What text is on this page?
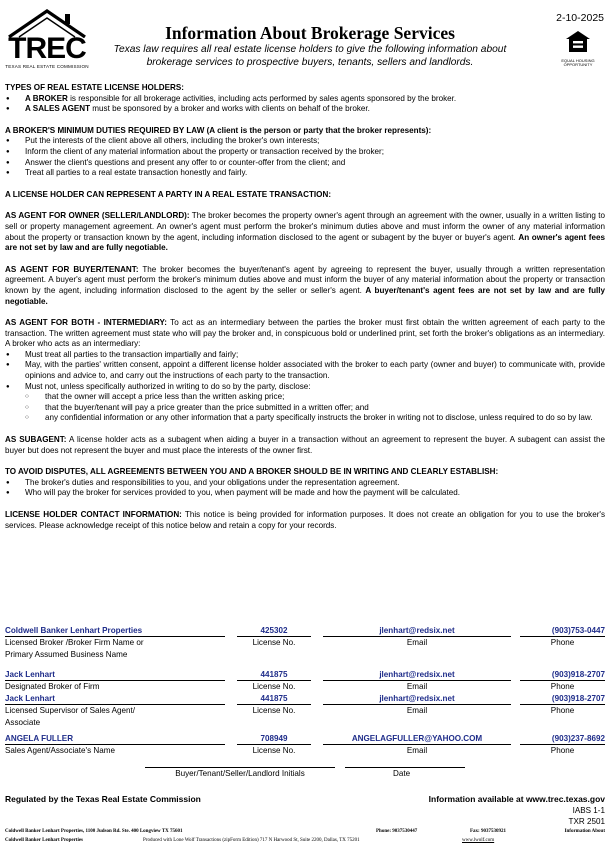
TREC
TEXAS REAL ESTATE COMMISSION
Information About Brokerage Services
Texas law requires all real estate license holders to give the following information about
brokerage services to prospective buyers, tenants, sellers and landlords.
2-10-2025
EQUAL HOUSING OPPORTUNITY
TYPES OF REAL ESTATE LICENSE HOLDERS:
● A BROKER is responsible for all brokerage activities, including acts performed by sales agents sponsored by the broker.
● A SALES AGENT must be sponsored by a broker and works with clients on behalf of the broker.
A BROKER'S MINIMUM DUTIES REQUIRED BY LAW (A client is the person or party that the broker represents):
● Put the interests of the client above all others, including the broker's own interests;
● Inform the client of any material information about the property or transaction received by the broker;
● Answer the client's questions and present any offer to or counter-offer from the client; and
● Treat all parties to a real estate transaction honestly and fairly.
A LICENSE HOLDER CAN REPRESENT A PARTY IN A REAL ESTATE TRANSACTION:
AS AGENT FOR OWNER (SELLER/LANDLORD): The broker becomes the property owner's agent through an agreement with the owner, usually in a written listing to sell or property management agreement. An owner's agent must perform the broker's minimum duties above and must inform the owner of any material information about the property or transaction known by the agent, including information disclosed to the agent or subagent by the buyer or buyer's agent. An owner's agent fees are not set by law and are fully negotiable.
AS AGENT FOR BUYER/TENANT: The broker becomes the buyer/tenant's agent by agreeing to represent the buyer, usually through a written representation agreement. A buyer's agent must perform the broker's minimum duties above and must inform the buyer of any material information about the property or transaction known by the agent, including information disclosed to the agent by the seller or seller's agent. A buyer/tenant's agent fees are not set by law and are fully negotiable.
AS AGENT FOR BOTH - INTERMEDIARY: To act as an intermediary between the parties the broker must first obtain the written agreement of each party to the transaction. The written agreement must state who will pay the broker and, in conspicuous bold or underlined print, set forth the broker's obligations as an intermediary. A broker who acts as an intermediary:
● Must treat all parties to the transaction impartially and fairly;
● May, with the parties' written consent, appoint a different license holder associated with the broker to each party (owner and buyer) to communicate with, provide opinions and advice to, and carry out the instructions of each party to the transaction.
● Must not, unless specifically authorized in writing to do so by the party, disclose:
○ that the owner will accept a price less than the written asking price;
○ that the buyer/tenant will pay a price greater than the price submitted in a written offer; and
○ any confidential information or any other information that a party specifically instructs the broker in writing not to disclose, unless required to do so by law.
AS SUBAGENT: A license holder acts as a subagent when aiding a buyer in a transaction without an agreement to represent the buyer. A subagent can assist the buyer but does not represent the buyer and must place the interests of the owner first.
TO AVOID DISPUTES, ALL AGREEMENTS BETWEEN YOU AND A BROKER SHOULD BE IN WRITING AND CLEARLY ESTABLISH:
● The broker's duties and responsibilities to you, and your obligations under the representation agreement.
● Who will pay the broker for services provided to you, when payment will be made and how the payment will be calculated.
LICENSE HOLDER CONTACT INFORMATION: This notice is being provided for information purposes. It does not create an obligation for you to use the broker's services. Please acknowledge receipt of this notice below and retain a copy for your records.
Coldwell Banker Lenhart Properties	425302	jlenhart@redsix.net	(903)753-0447
Licensed Broker /Broker Firm Name or	License No.	Email	Phone
Primary Assumed Business Name
Jack Lenhart	441875	jlenhart@redsix.net	(903)918-2707
Designated Broker of Firm	License No.	Email	Phone
Jack Lenhart	441875	jlenhart@redsix.net	(903)918-2707
Licensed Supervisor of Sales Agent/	License No.	Email	Phone
Associate
ANGELA FULLER	708949	ANGELAGFULLER@YAHOO.COM	(903)237-8692
Sales Agent/Associate's Name	License No.	Email	Phone
Buyer/Tenant/Seller/Landlord Initials	Date
Regulated by the Texas Real Estate Commission	Information available at www.trec.texas.gov
IABS 1-1
TXR 2501
Coldwell Banker Lenhart Properties, 1100 Judson Rd. Ste. 400 Longview TX 75601	Phone: 9037530447	Fax: 9037530921	Information About
Coldwell Banker Lenhart Properties	Produced with Lone Wolf Transactions (zipForm Edition) 717 N Harwood St, Suite 2200, Dallas, TX 75201	www.lwolf.com
